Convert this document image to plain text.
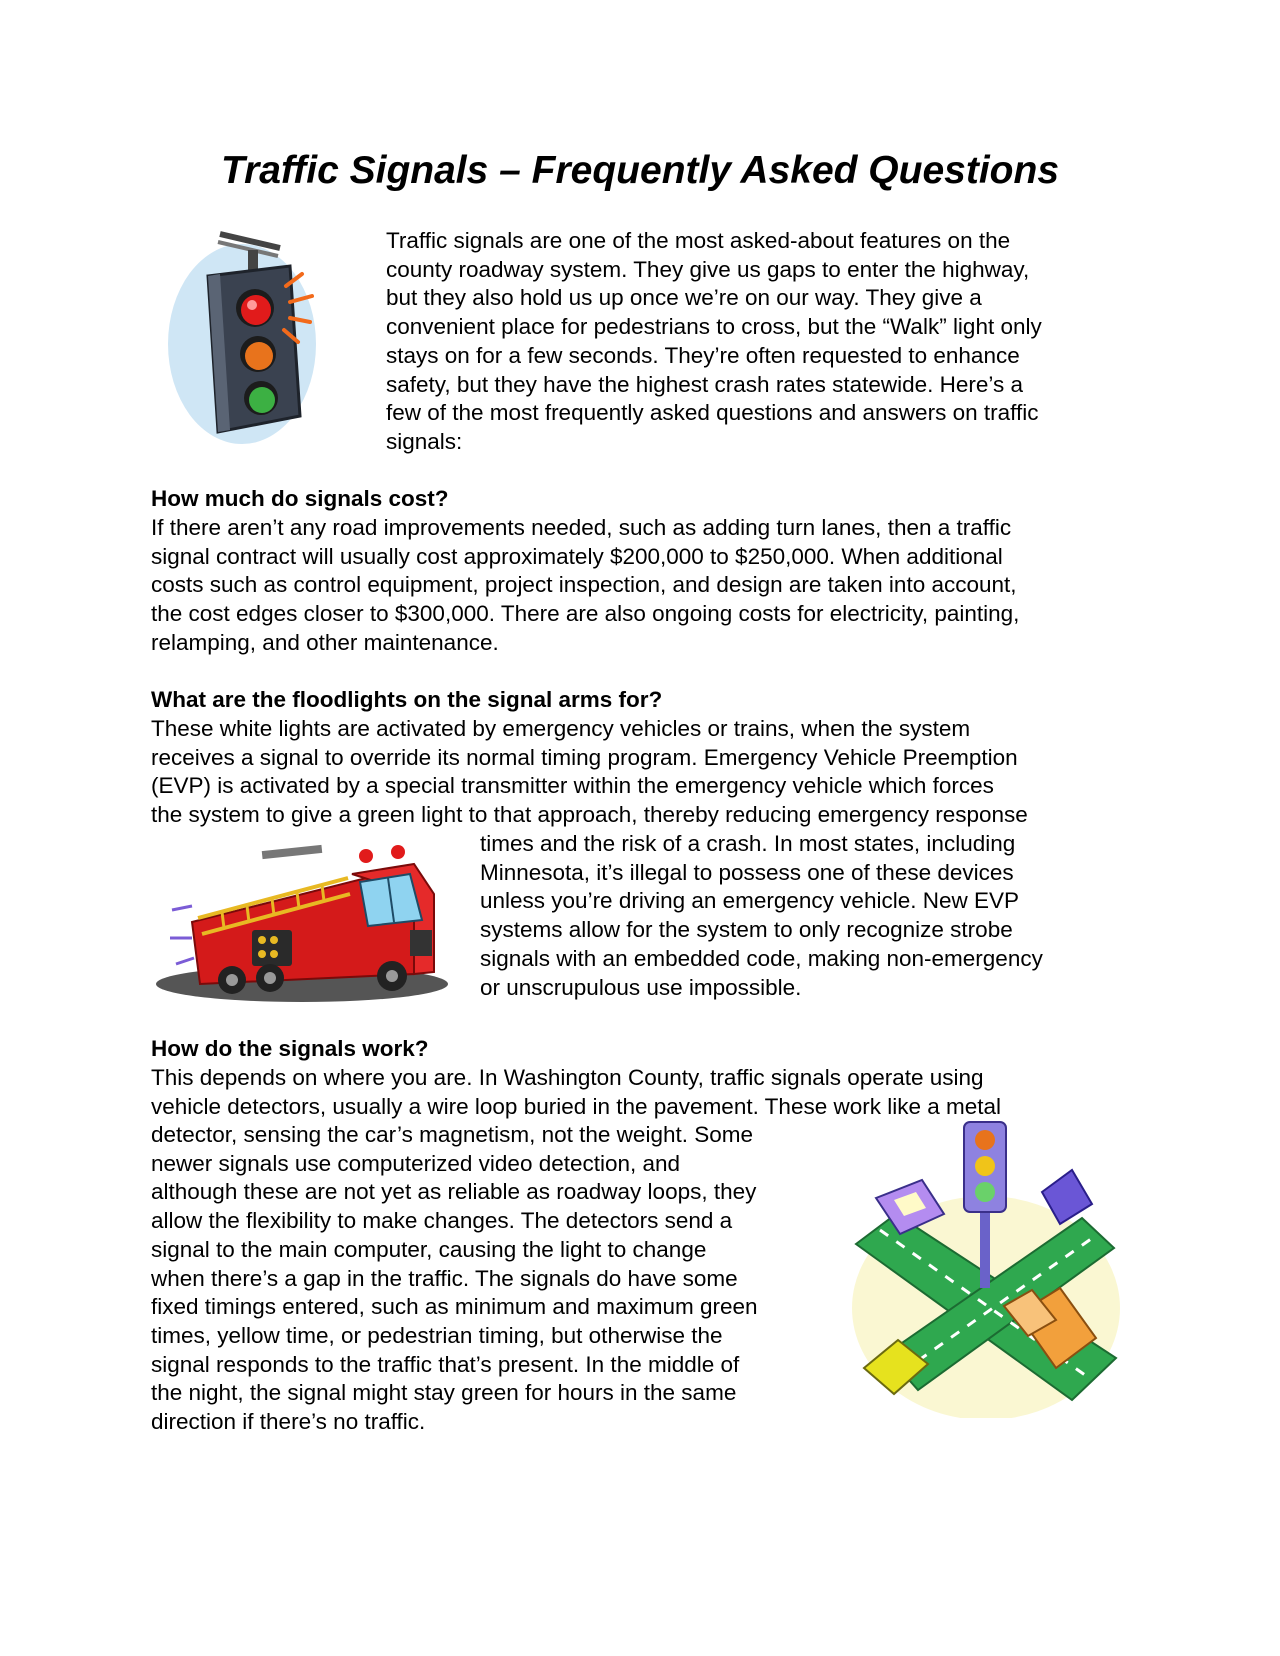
Traffic Signals – Frequently Asked Questions
Traffic signals are one of the most asked-about features on the
county roadway system. They give us gaps to enter the highway,
but they also hold us up once we’re on our way. They give a
convenient place for pedestrians to cross, but the “Walk” light only
stays on for a few seconds. They’re often requested to enhance
safety, but they have the highest crash rates statewide. Here’s a
few of the most frequently asked questions and answers on traffic
signals:
How much do signals cost?
If there aren’t any road improvements needed, such as adding turn lanes, then a traffic
signal contract will usually cost approximately $200,000 to $250,000. When additional
costs such as control equipment, project inspection, and design are taken into account,
the cost edges closer to $300,000. There are also ongoing costs for electricity, painting,
relamping, and other maintenance.
What are the floodlights on the signal arms for?
These white lights are activated by emergency vehicles or trains, when the system
receives a signal to override its normal timing program. Emergency Vehicle Preemption
(EVP) is activated by a special transmitter within the emergency vehicle which forces
the system to give a green light to that approach, thereby reducing emergency response
times and the risk of a crash. In most states, including
Minnesota, it’s illegal to possess one of these devices
unless you’re driving an emergency vehicle. New EVP
systems allow for the system to only recognize strobe
signals with an embedded code, making non-emergency
or unscrupulous use impossible.
How do the signals work?
This depends on where you are. In Washington County, traffic signals operate using
vehicle detectors, usually a wire loop buried in the pavement. These work like a metal
detector, sensing the car’s magnetism, not the weight. Some
newer signals use computerized video detection, and
although these are not yet as reliable as roadway loops, they
allow the flexibility to make changes. The detectors send a
signal to the main computer, causing the light to change
when there’s a gap in the traffic. The signals do have some
fixed timings entered, such as minimum and maximum green
times, yellow time, or pedestrian timing, but otherwise the
signal responds to the traffic that’s present. In the middle of
the night, the signal might stay green for hours in the same
direction if there’s no traffic.
